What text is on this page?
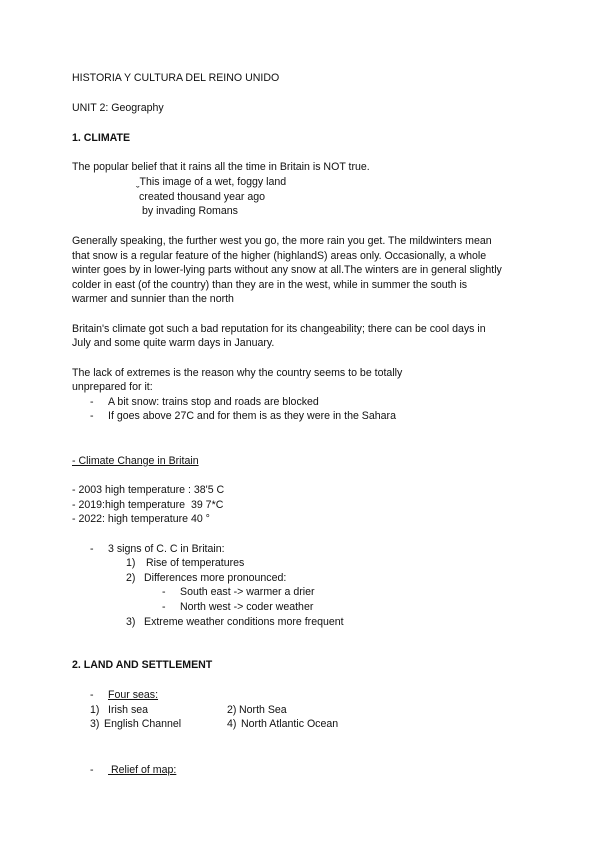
HISTORIA Y CULTURA DEL REINO UNIDO
UNIT 2: Geography
1. CLIMATE
The popular belief that it rains all the time in Britain is NOT true.
ˬThis image of a wet, foggy land
created thousand year ago
by invading Romans
Generally speaking, the further west you go, the more rain you get. The mildwinters mean
that snow is a regular feature of the higher (highlandS) areas only. Occasionally, a whole
winter goes by in lower-lying parts without any snow at all.The winters are in general slightly
colder in east (of the country) than they are in the west, while in summer the south is
warmer and sunnier than the north
Britain's climate got such a bad reputation for its changeability; there can be cool days in
July and some quite warm days in January.
The lack of extremes is the reason why the country seems to be totally
unprepared for it:
- A bit snow: trains stop and roads are blocked
- If goes above 27C and for them is as they were in the Sahara
- Climate Change in Britain
- 2003 high temperature : 38'5 C
- 2019:high temperature  39 7*C
- 2022: high temperature 40 °
- 3 signs of C. C in Britain:
1) Rise of temperatures
2) Differences more pronounced:
- South east -> warmer a drier
- North west -> coder weather
3) Extreme weather conditions more frequent
2. LAND AND SETTLEMENT
- Four seas:
1) Irish sea	2) North Sea
3) English Channel	4) North Atlantic Ocean
- Relief of map:
